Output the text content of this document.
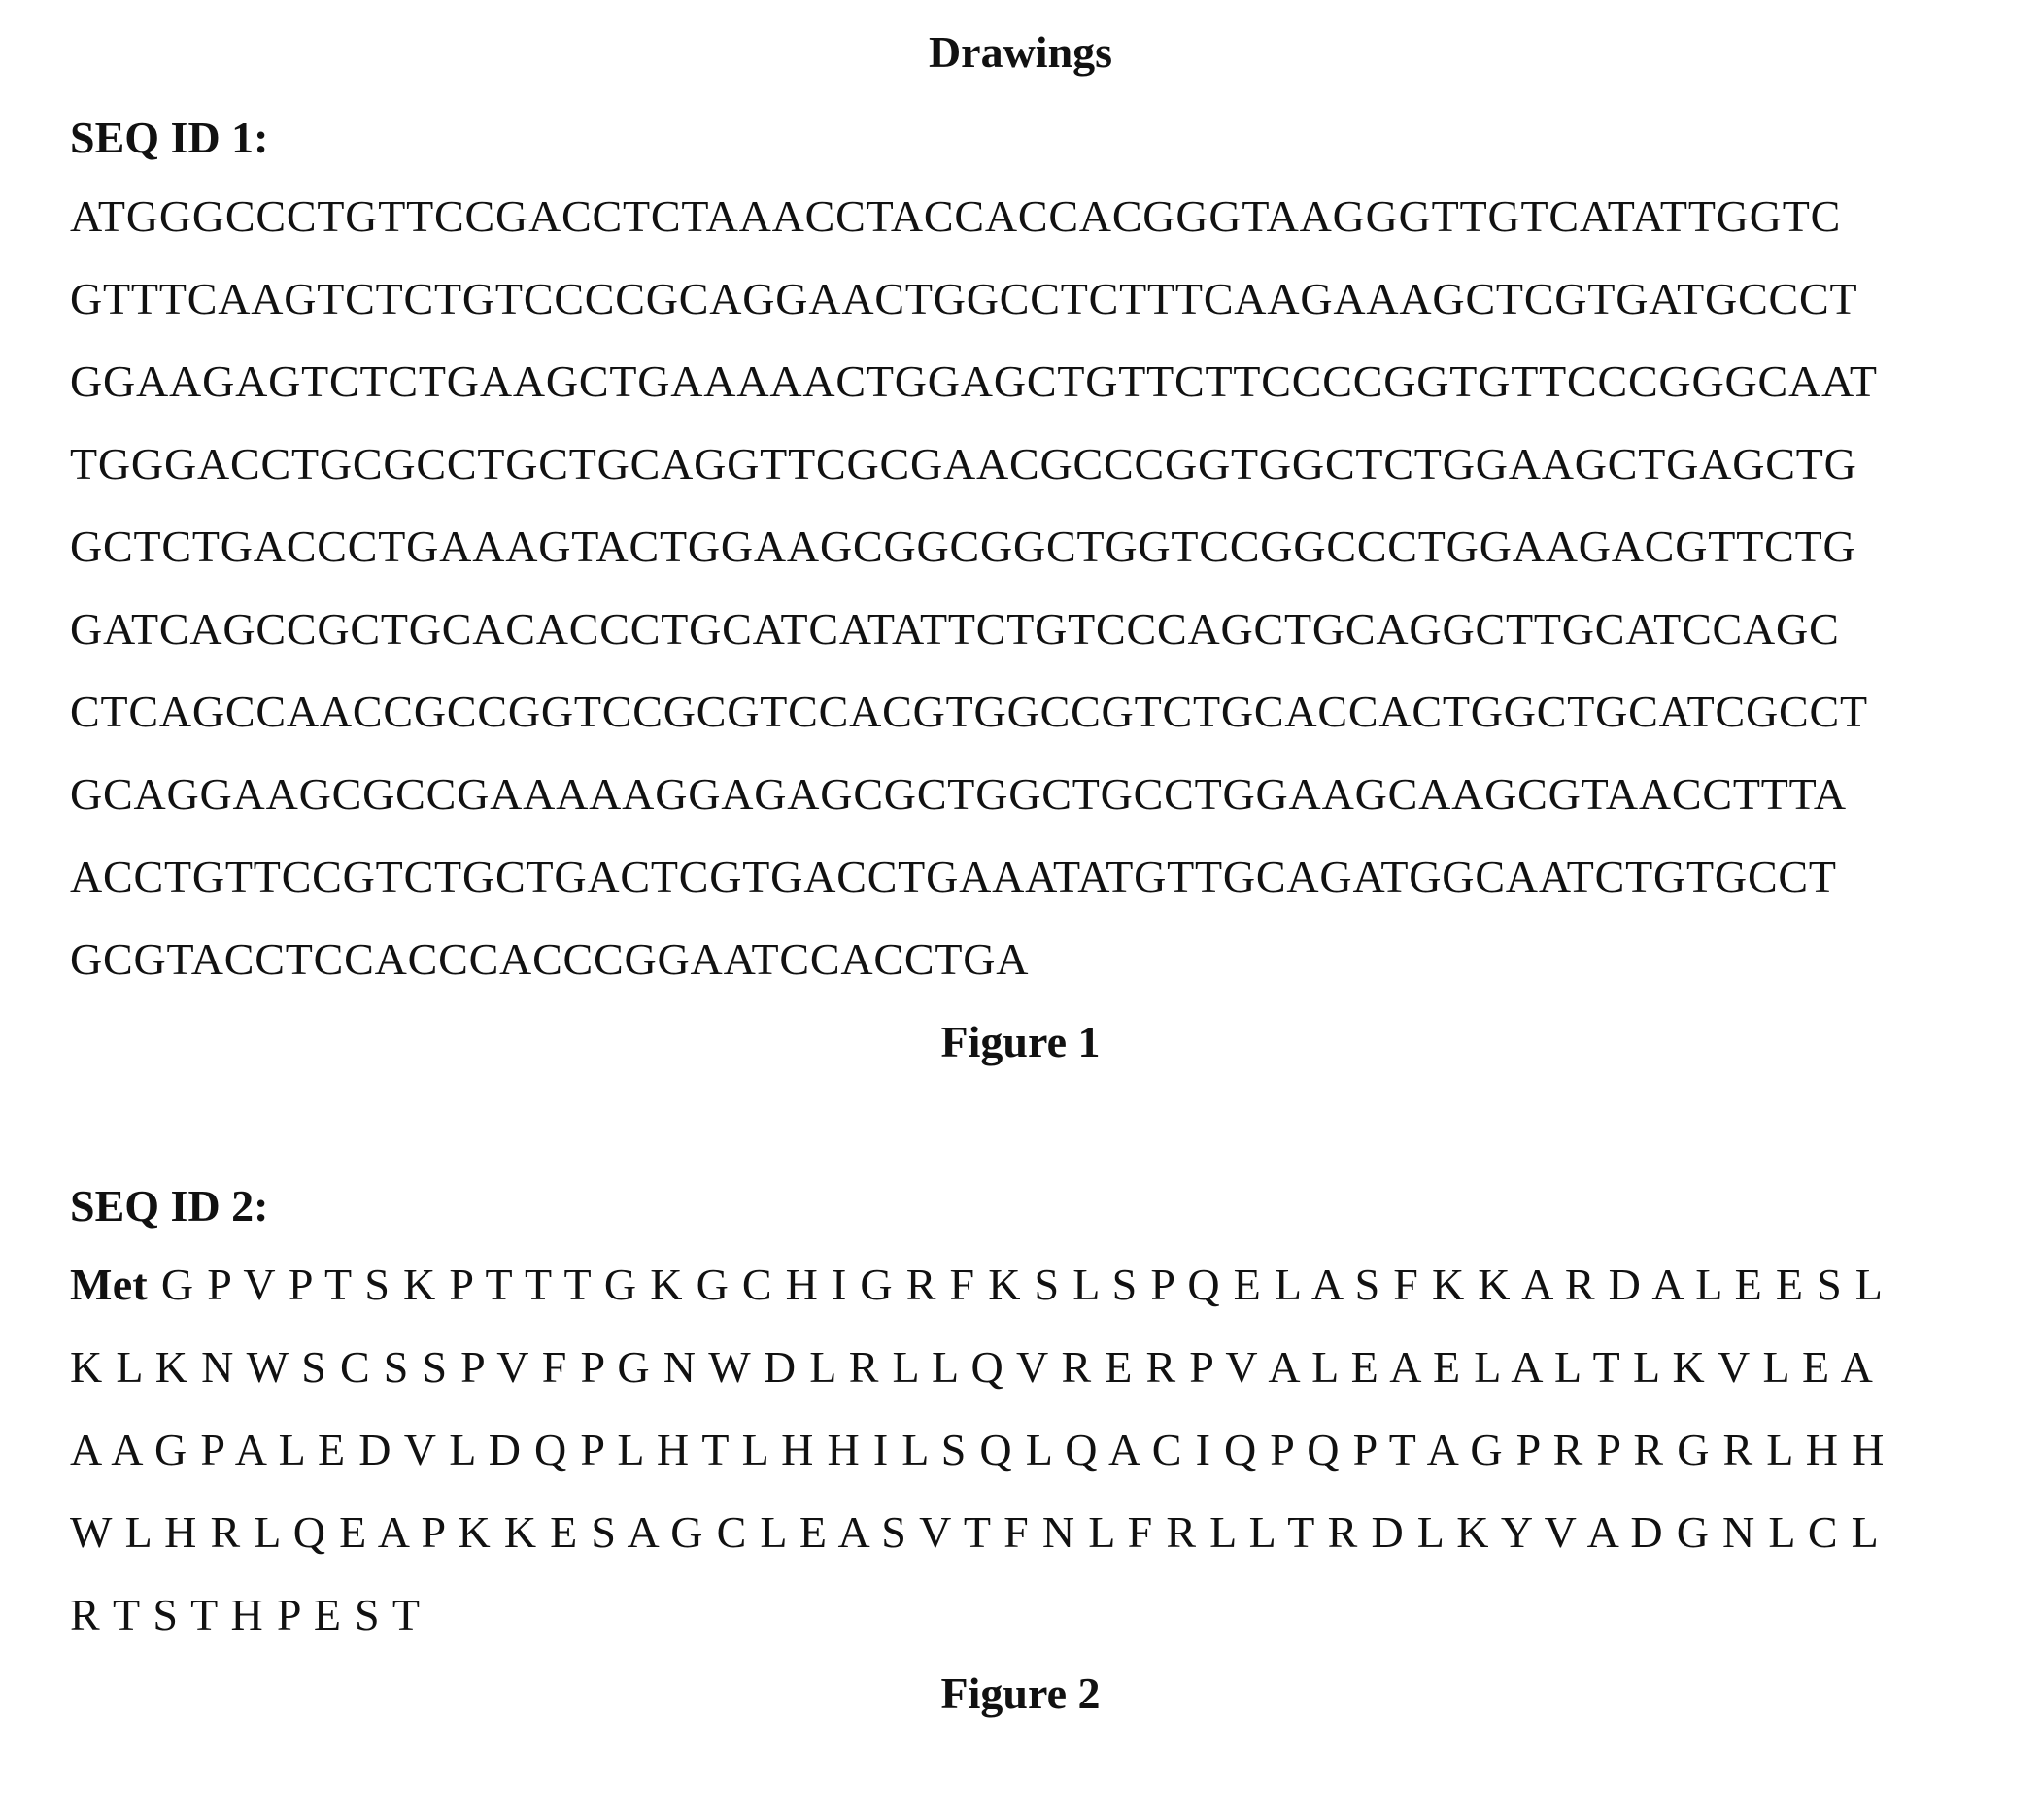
Drawings
SEQ ID 1:
ATGGGCCCTGTTCCGACCTCTAAACCTACCACCACGGGTAAGGGTTGTCATATTGGTC
GTTTCAAGTCTCTGTCCCCGCAGGAACTGGCCTCTTTCAAGAAAGCTCGTGATGCCCT
GGAAGAGTCTCTGAAGCTGAAAAACTGGAGCTGTTCTTCCCCGGTGTTCCCGGGCAAT
TGGGACCTGCGCCTGCTGCAGGTTCGCGAACGCCCGGTGGCTCTGGAAGCTGAGCTG
GCTCTGACCCTGAAAGTACTGGAAGCGGCGGCTGGTCCGGCCCTGGAAGACGTTCTG
GATCAGCCGCTGCACACCCTGCATCATATTCTGTCCCAGCTGCAGGCTTGCATCCAGC
CTCAGCCAACCGCCGGTCCGCGTCCACGTGGCCGTCTGCACCACTGGCTGCATCGCCT
GCAGGAAGCGCCGAAAAAGGAGAGCGCTGGCTGCCTGGAAGCAAGCGTAACCTTTA
ACCTGTTCCGTCTGCTGACTCGTGACCTGAAATATGTTGCAGATGGCAATCTGTGCCT
GCGTACCTCCACCCACCCGGAATCCACCTGA
Figure 1
SEQ ID 2:
Met G P V P T S K P T T T G K G C H I G R F K S L S P Q E L A S F K K A R D A L E E S L
K L K N W S C S S P V F P G N W D L R L L Q V R E R P V A L E A E L A L T L K V L E A
A A G P A L E D V L D Q P L H T L H H I L S Q L Q A C I Q P Q P T A G P R P R G R L H H
W L H R L Q E A P K K E S A G C L E A S V T F N L F R L L T R D L K Y V A D G N L C L
R T S T H P E S T
Figure 2
